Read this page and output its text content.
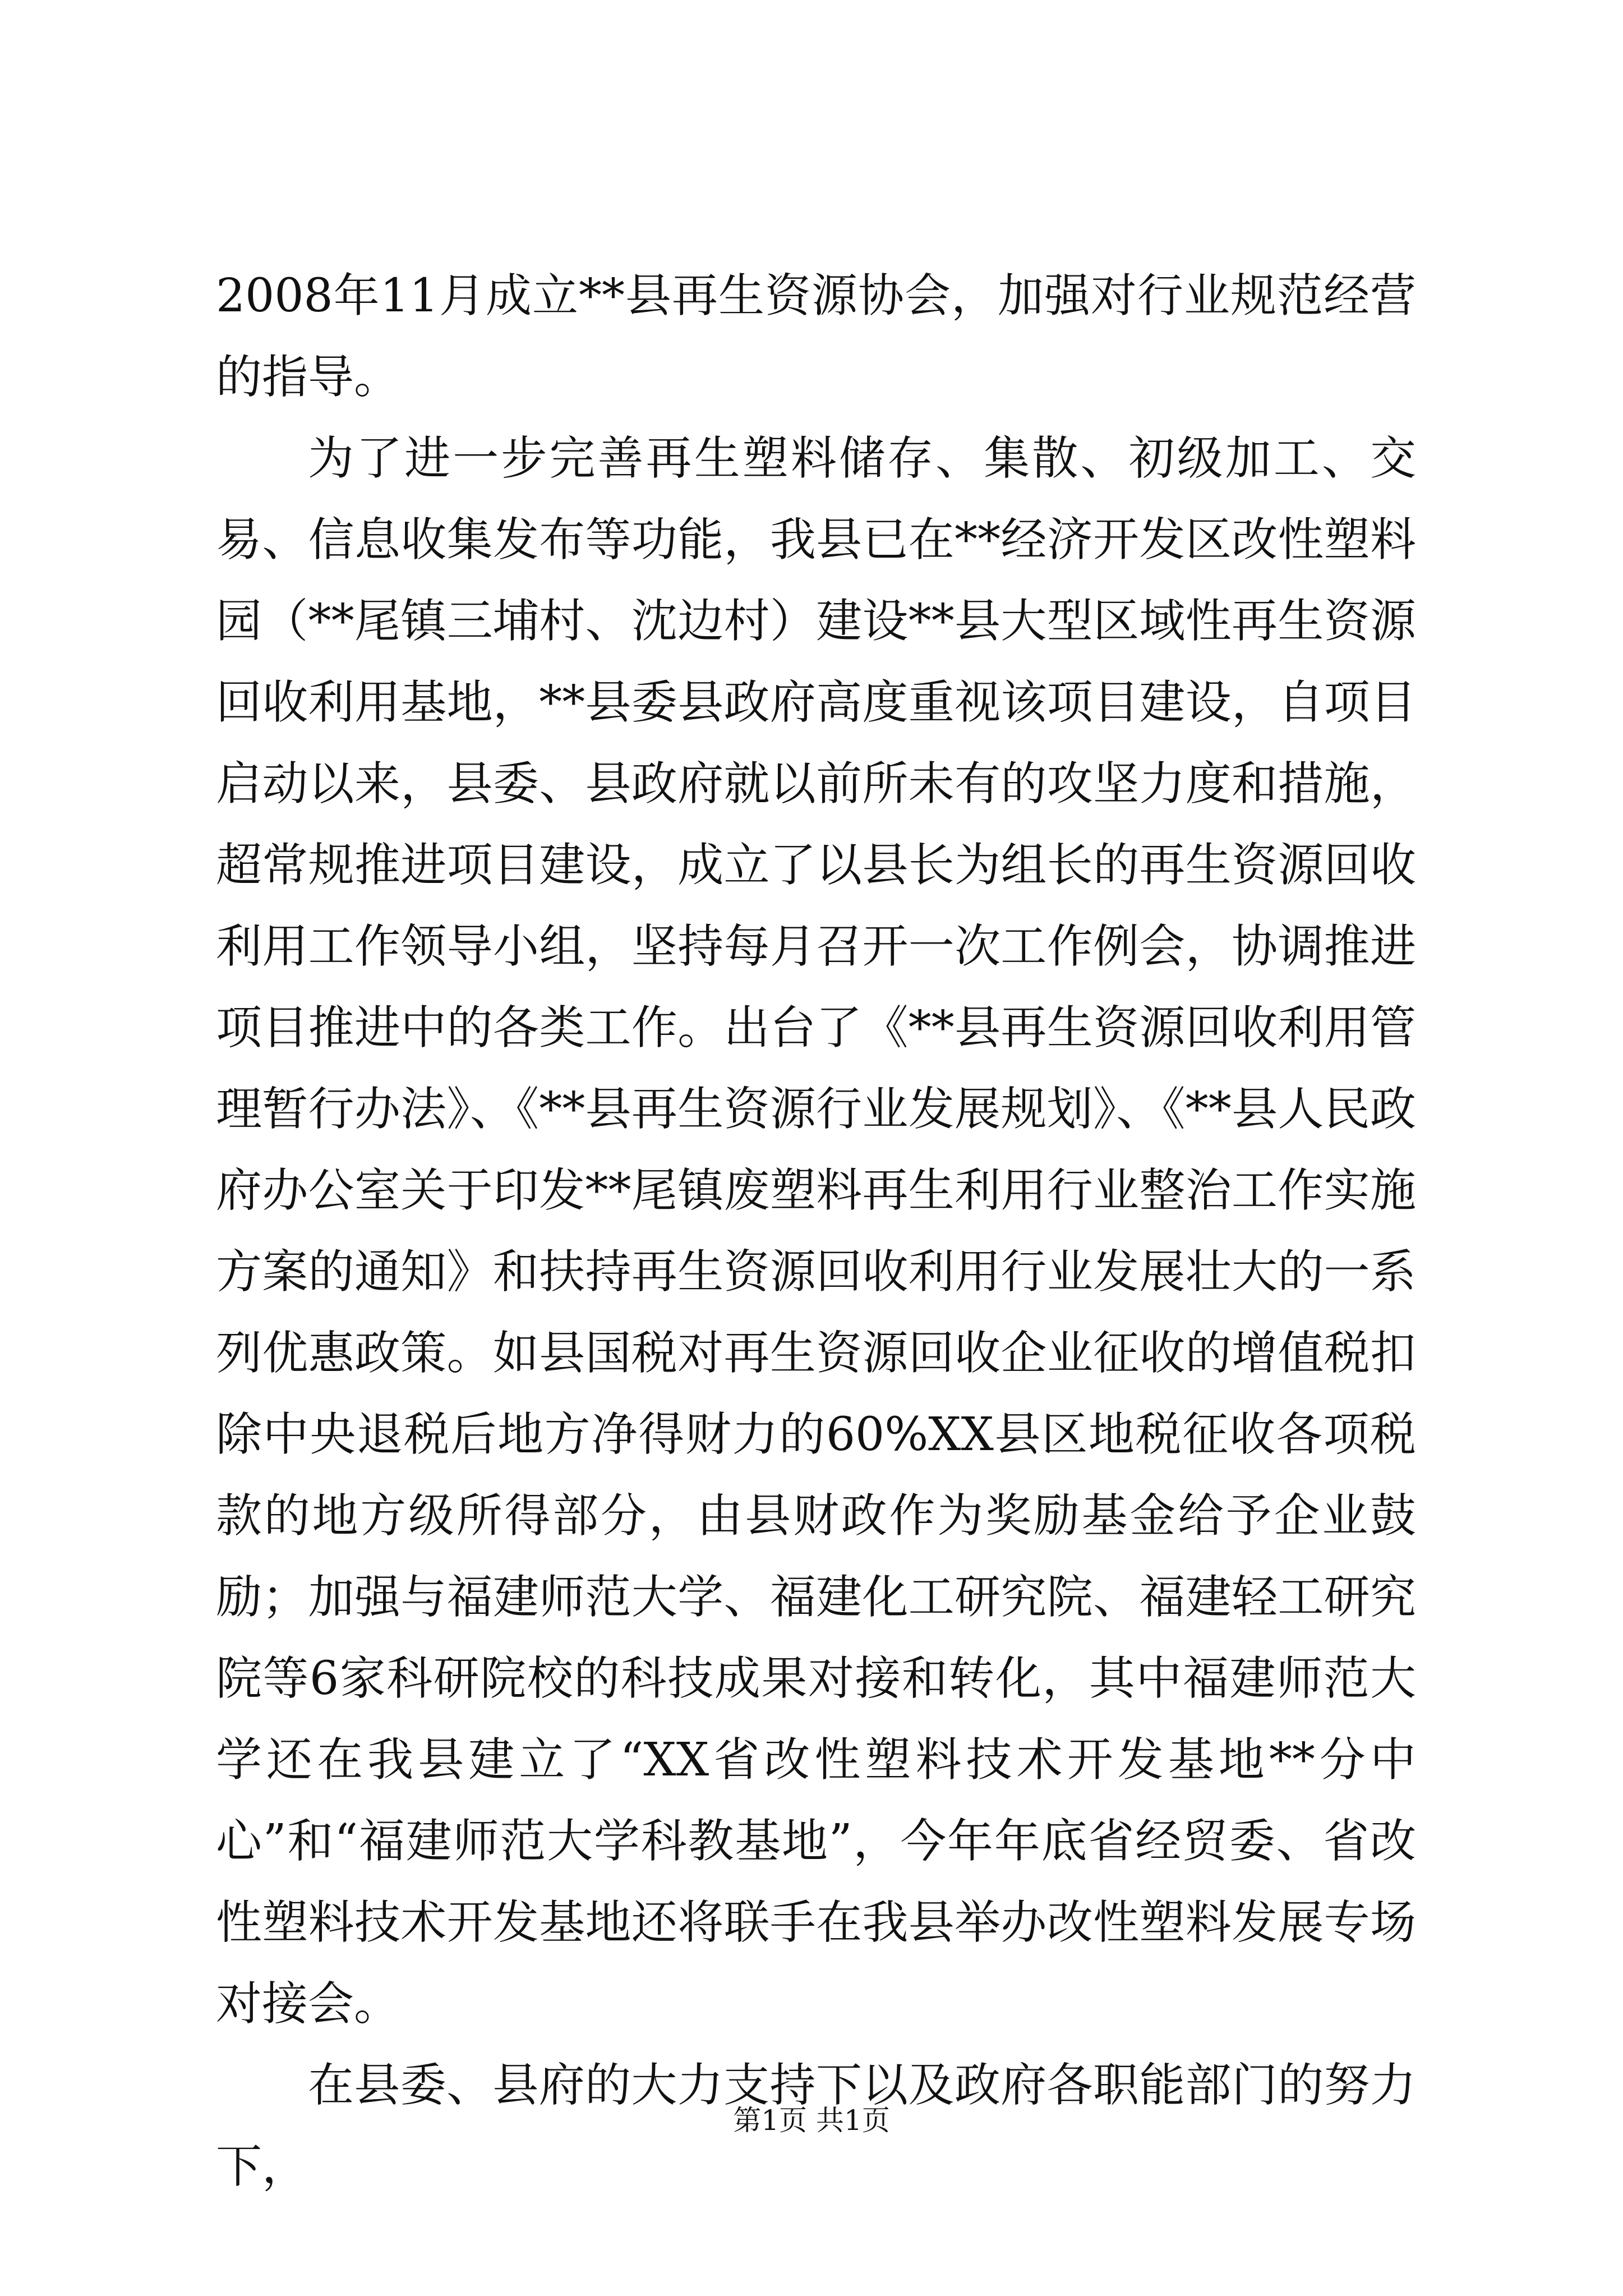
2008年11月成立**县再生资源协会，加强对行业规范经营的指导。

为了进一步完善再生塑料储存、集散、初级加工、交易、信息收集发布等功能，我县已在**经济开发区改性塑料园（**尾镇三埔村、沈边村）建设**县大型区域性再生资源回收利用基地，**县委县政府高度重视该项目建设，自项目启动以来，县委、县政府就以前所未有的攻坚力度和措施，超常规推进项目建设，成立了以县长为组长的再生资源回收利用工作领导小组，坚持每月召开一次工作例会，协调推进项目推进中的各类工作。出台了《**县再生资源回收利用管理暂行办法》、《**县再生资源行业发展规划》、《**县人民政府办公室关于印发**尾镇废塑料再生利用行业整治工作实施方案的通知》和扶持再生资源回收利用行业发展壮大的一系列优惠政策。如县国税对再生资源回收企业征收的增值税扣除中央退税后地方净得财力的60%XX县区地税征收各项税款的地方级所得部分，由县财政作为奖励基金给予企业鼓励；加强与福建师范大学、福建化工研究院、福建轻工研究院等6家科研院校的科技成果对接和转化，其中福建师范大学还在我县建立了“XX省改性塑料技术开发基地**分中心”和“福建师范大学科教基地”，今年年底省经贸委、省改性塑料技术开发基地还将联手在我县举办改性塑料发展专场对接会。

在县委、县府的大力支持下以及政府各职能部门的努力下，

第1页 共1页
